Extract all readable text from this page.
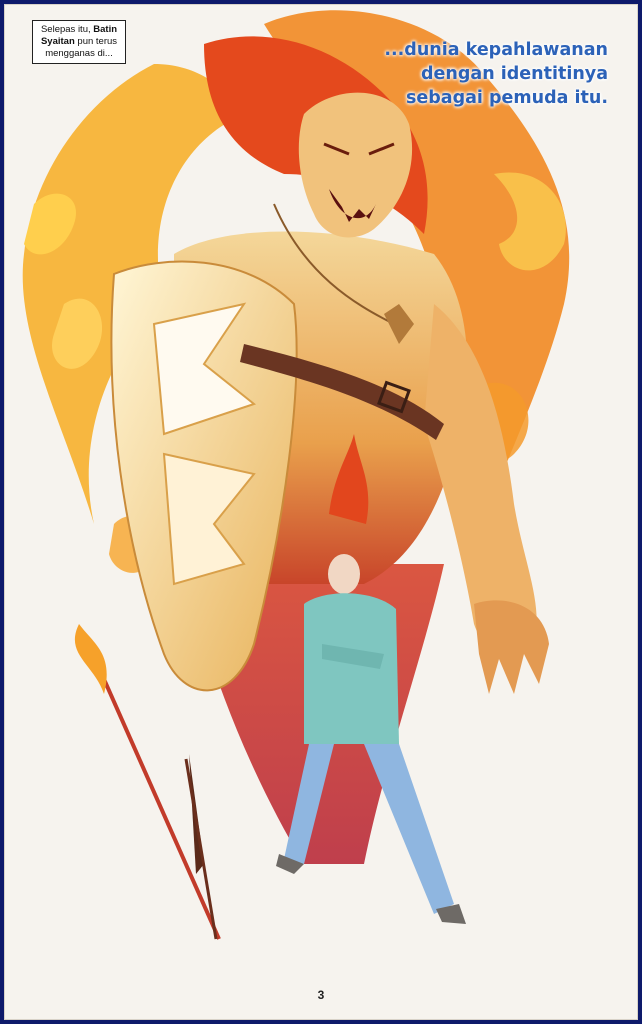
Selepas itu, Batin
Syaitan pun terus
mengganas di...	...dunia kepahlawanan
dengan identitinya
sebagai pemuda itu.
3
